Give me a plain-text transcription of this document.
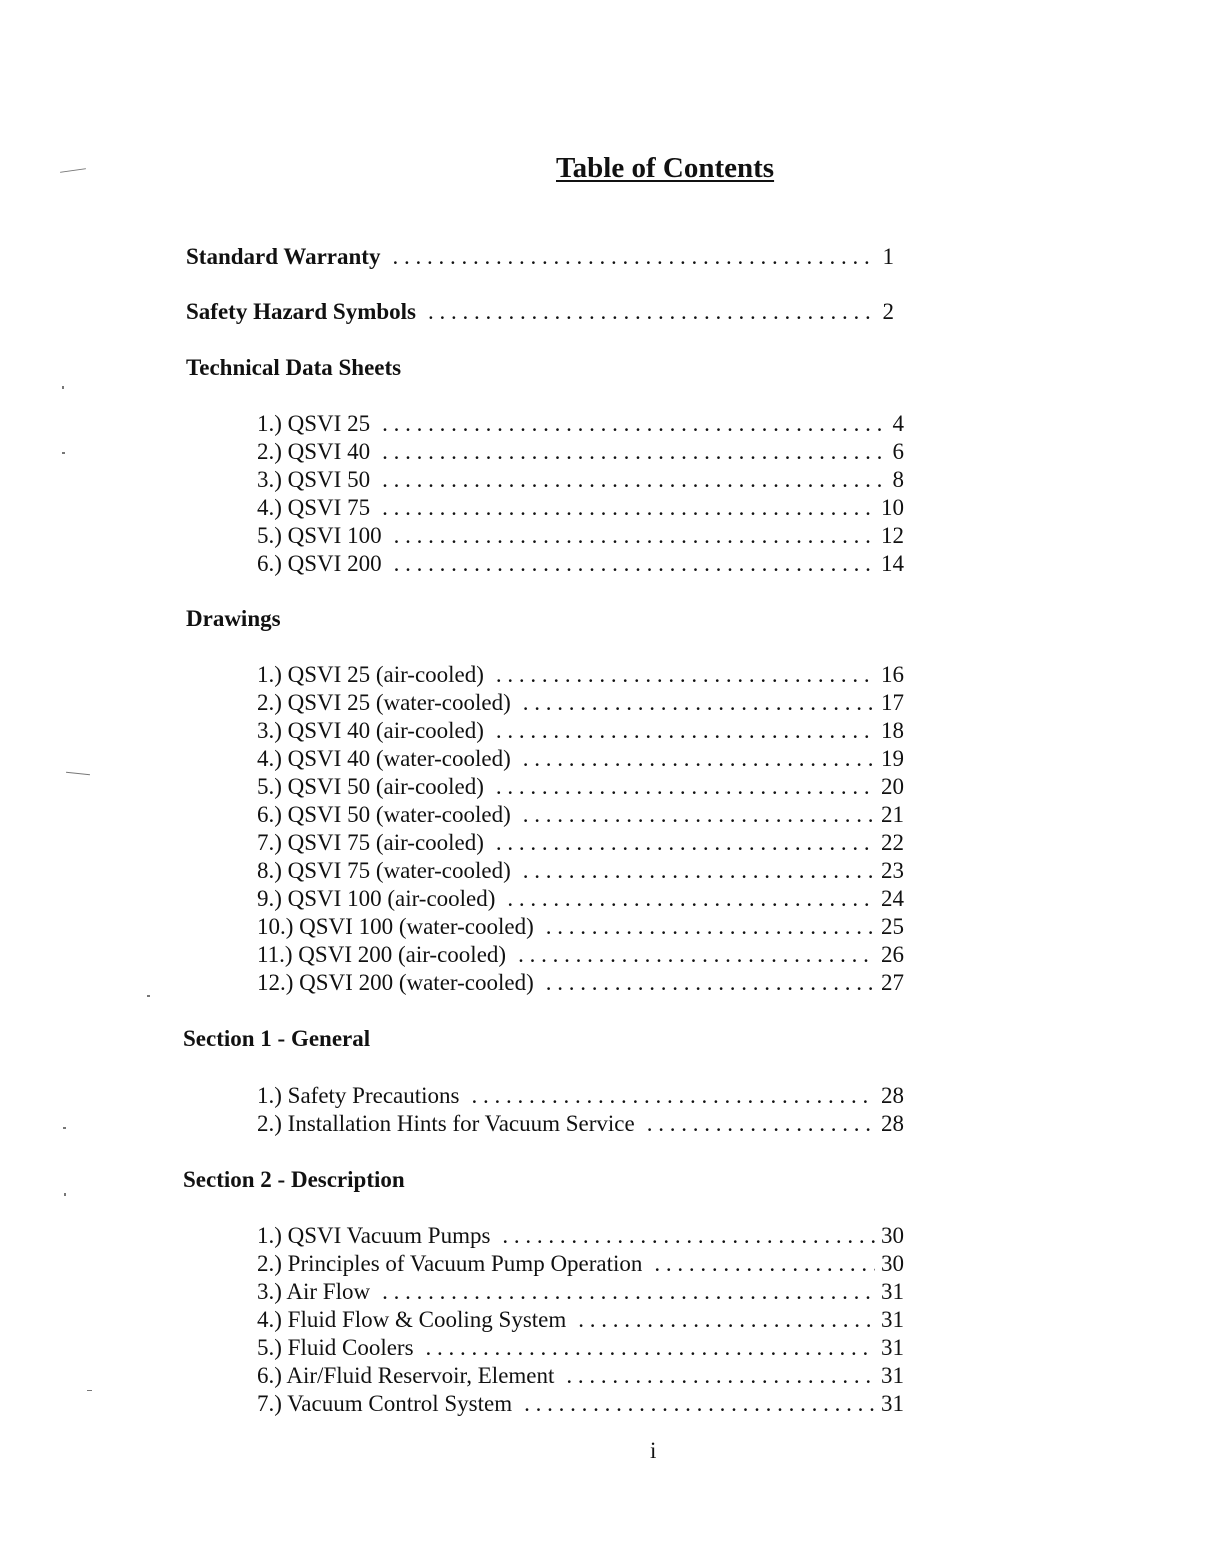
Table of Contents
Standard Warranty . . .	1
Safety Hazard Symbols . . .	2
Technical Data Sheets
1.) QSVI 25 . . .	4
2.) QSVI 40 . . .	6
3.) QSVI 50 . . .	8
4.) QSVI 75 . . .	10
5.) QSVI 100 . . .	12
6.) QSVI 200 . . .	14
Drawings
1.) QSVI 25 (air-cooled) . . .	16
2.) QSVI 25 (water-cooled) . . .	17
3.) QSVI 40 (air-cooled) . . .	18
4.) QSVI 40 (water-cooled) . . .	19
5.) QSVI 50 (air-cooled) . . .	20
6.) QSVI 50 (water-cooled) . . .	21
7.) QSVI 75 (air-cooled) . . .	22
8.) QSVI 75 (water-cooled) . . .	23
9.) QSVI 100 (air-cooled) . . .	24
10.) QSVI 100 (water-cooled) . . .	25
11.) QSVI 200 (air-cooled) . . .	26
12.) QSVI 200 (water-cooled) . . .	27
Section 1 - General
1.) Safety Precautions . . .	28
2.) Installation Hints for Vacuum Service . . .	28
Section 2 - Description
1.) QSVI Vacuum Pumps . . .	30
2.) Principles of Vacuum Pump Operation . . .	30
3.) Air Flow . . .	31
4.) Fluid Flow & Cooling System . . .	31
5.) Fluid Coolers . . .	31
6.) Air/Fluid Reservoir, Element . . .	31
7.) Vacuum Control System . . .	31
i
